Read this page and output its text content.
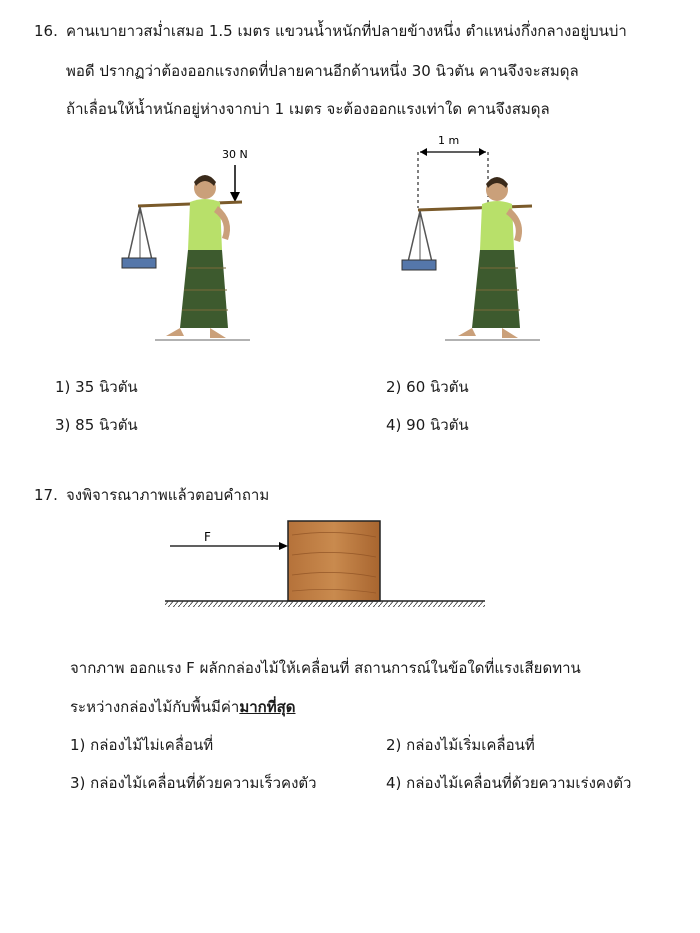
16. คานเบายาวสม่ำเสมอ 1.5 เมตร แขวนน้ำหนักที่ปลายข้างหนึ่ง ตำแหน่งกึ่งกลางอยู่บนบ่า
พอดี ปรากฏว่าต้องออกแรงกดที่ปลายคานอีกด้านหนึ่ง 30 นิวตัน คานจึงจะสมดุล
ถ้าเลื่อนให้น้ำหนักอยู่ห่างจากบ่า 1 เมตร จะต้องออกแรงเท่าใด คานจึงสมดุล
30 N
1 m
1) 35 นิวตัน	2) 60 นิวตัน
3) 85 นิวตัน	4) 90 นิวตัน
17. จงพิจารณาภาพแล้วตอบคำถาม
F
จากภาพ ออกแรง F ผลักกล่องไม้ให้เคลื่อนที่ สถานการณ์ในข้อใดที่แรงเสียดทาน
ระหว่างกล่องไม้กับพื้นมีค่ามากที่สุด
1) กล่องไม้ไม่เคลื่อนที่	2) กล่องไม้เริ่มเคลื่อนที่
3) กล่องไม้เคลื่อนที่ด้วยความเร็วคงตัว	4) กล่องไม้เคลื่อนที่ด้วยความเร่งคงตัว
